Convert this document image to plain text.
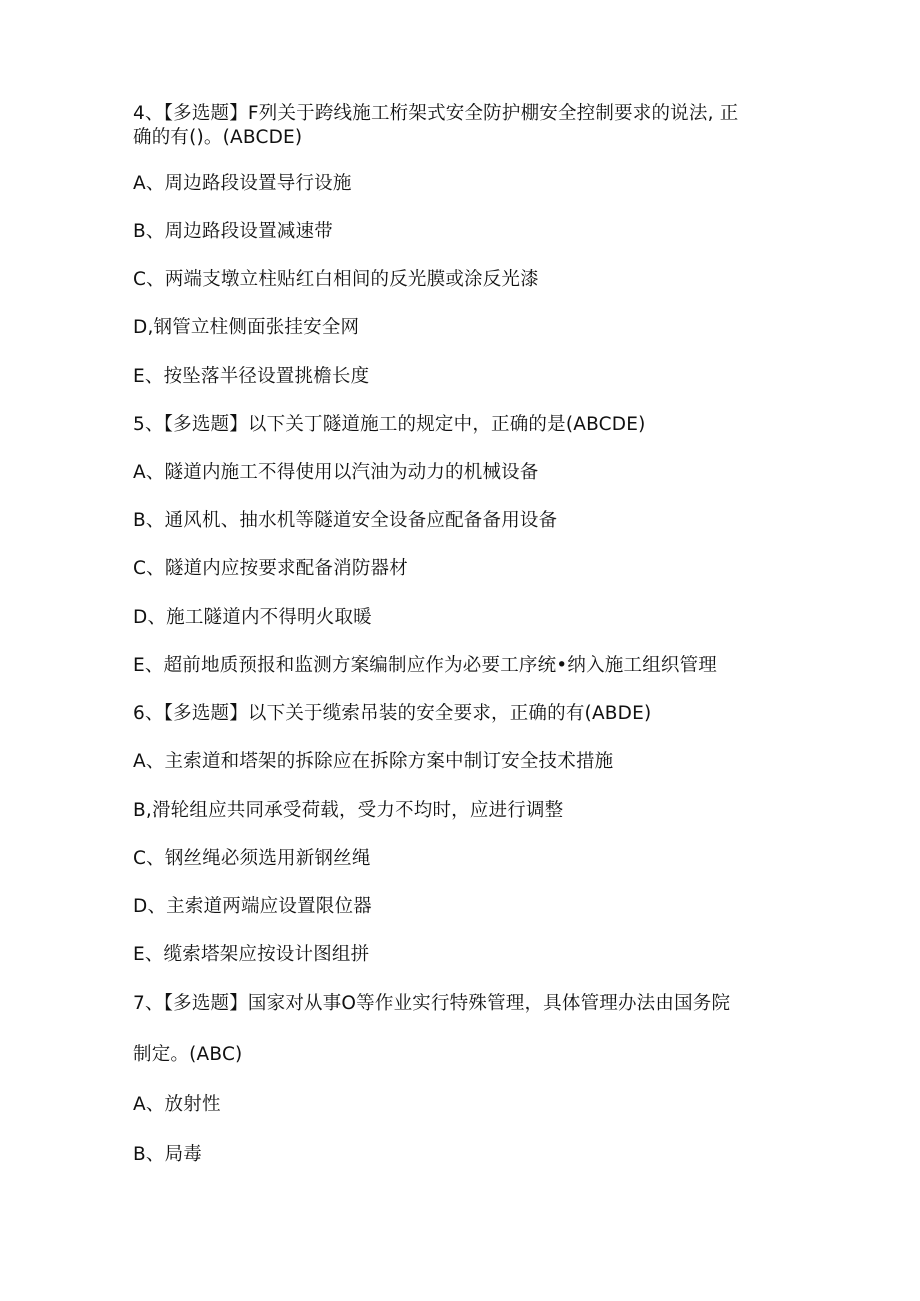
4、【多选题】F列关于跨线施工桁架式安全防护棚安全控制要求的说法, 正
确的有()。(ABCDE)
A、周边路段设置导行设施
B、周边路段设置减速带
C、两端支墩立柱贴红白相间的反光膜或涂反光漆
D,钢管立柱侧面张挂安全网
E、按坠落半径设置挑檐长度
5、【多选题】以下关丁隧道施工的规定中，正确的是(ABCDE)
A、隧道内施工不得使用以汽油为动力的机械设备
B、通风机、抽水机等隧道安全设备应配备备用设备
C、隧道内应按要求配备消防器材
D、施工隧道内不得明火取暖
E、超前地质预报和监测方案编制应作为必要工序统•纳入施工组织管理
6、【多选题】以下关于缆索吊装的安全要求，正确的有(ABDE)
A、主索道和塔架的拆除应在拆除方案中制订安全技术措施
B,滑轮组应共同承受荷载，受力不均时，应进行调整
C、钢丝绳必须选用新钢丝绳
D、主索道两端应设置限位器
E、缆索塔架应按设计图组拼
7、【多选题】国家对从事O等作业实行特殊管理，具体管理办法由国务院
制定。(ABC)
A、放射性
B、局毒
